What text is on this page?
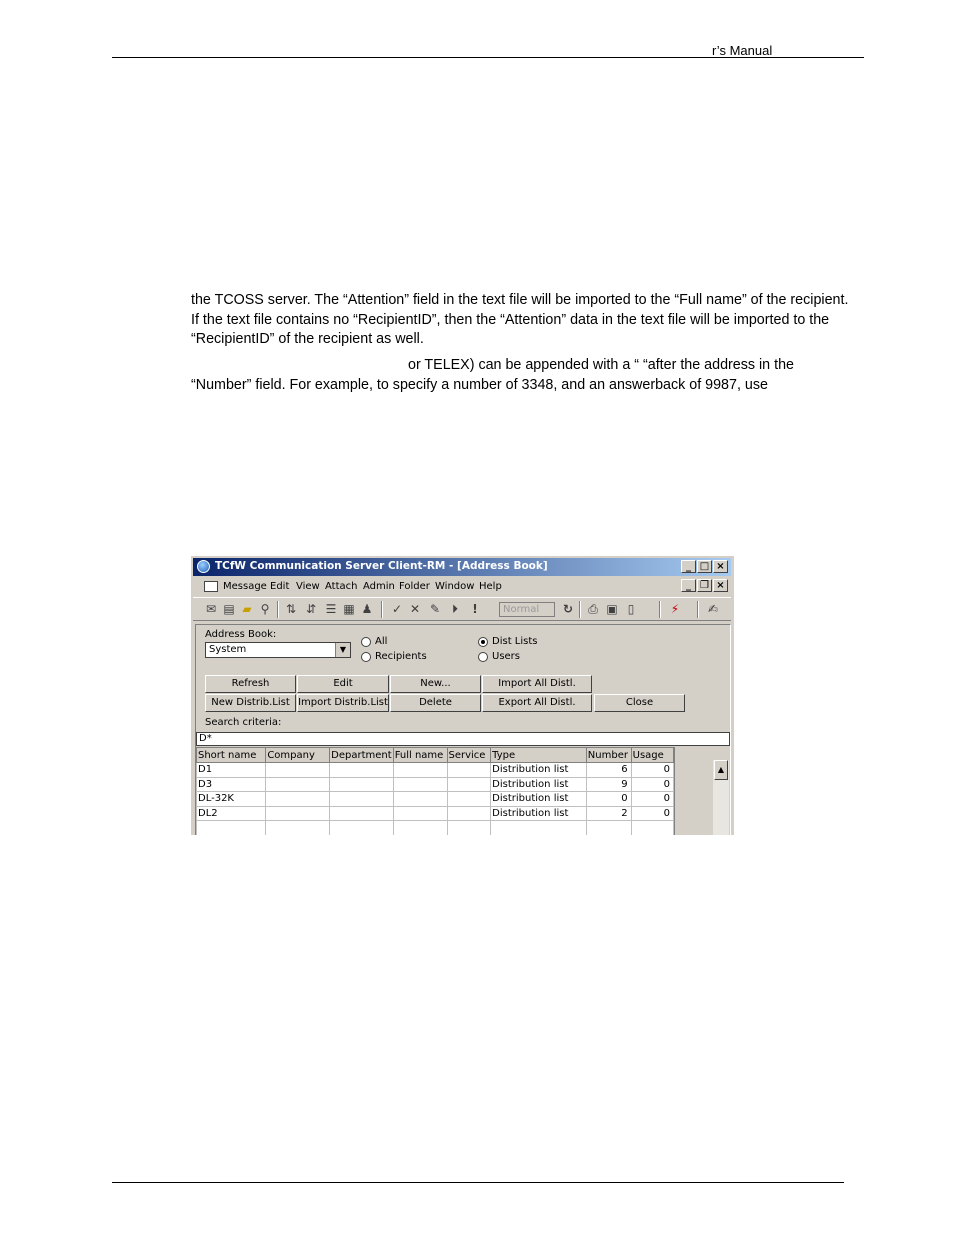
r’s Manual

the TCOSS server. The “Attention” field in the text file will be imported to the “Full name” of the recipient. If the text file contains no “RecipientID”, then the “Attention” data in the text file will be imported to the “RecipientID” of the recipient as well.

or TELEX) can be appended with a “ “after the address in the
“Number” field. For example, to specify a number of 3348, and an answerback of 9987, use

TCfW Communication Server Client-RM - [Address Book]	_ □ ×
Message Edit View Attach Admin Folder Window Help	_ ❐ ×
✉ ▤ ▰ ⚲	⇅ ⇵ ☰ ▦ ♟ ✓ ✕ ✎ ⏵	!	Normal	↻ ⎙ ▣ ▯	⚡	✍
Address Book:
System	▼
All
Recipients
Dist Lists
Users
Refresh	Edit	New...	Import All Distl.
New Distrib.List Import Distrib.List	Delete	Export All Distl.	Close
Search criteria:
D*
Short name	Company	Department	Full name	Service	Type	Number	Usage
D1					Distribution list	6	0
D3					Distribution list	9	0
DL-32K					Distribution list	0	0
DL2					Distribution list	2	0

▲
